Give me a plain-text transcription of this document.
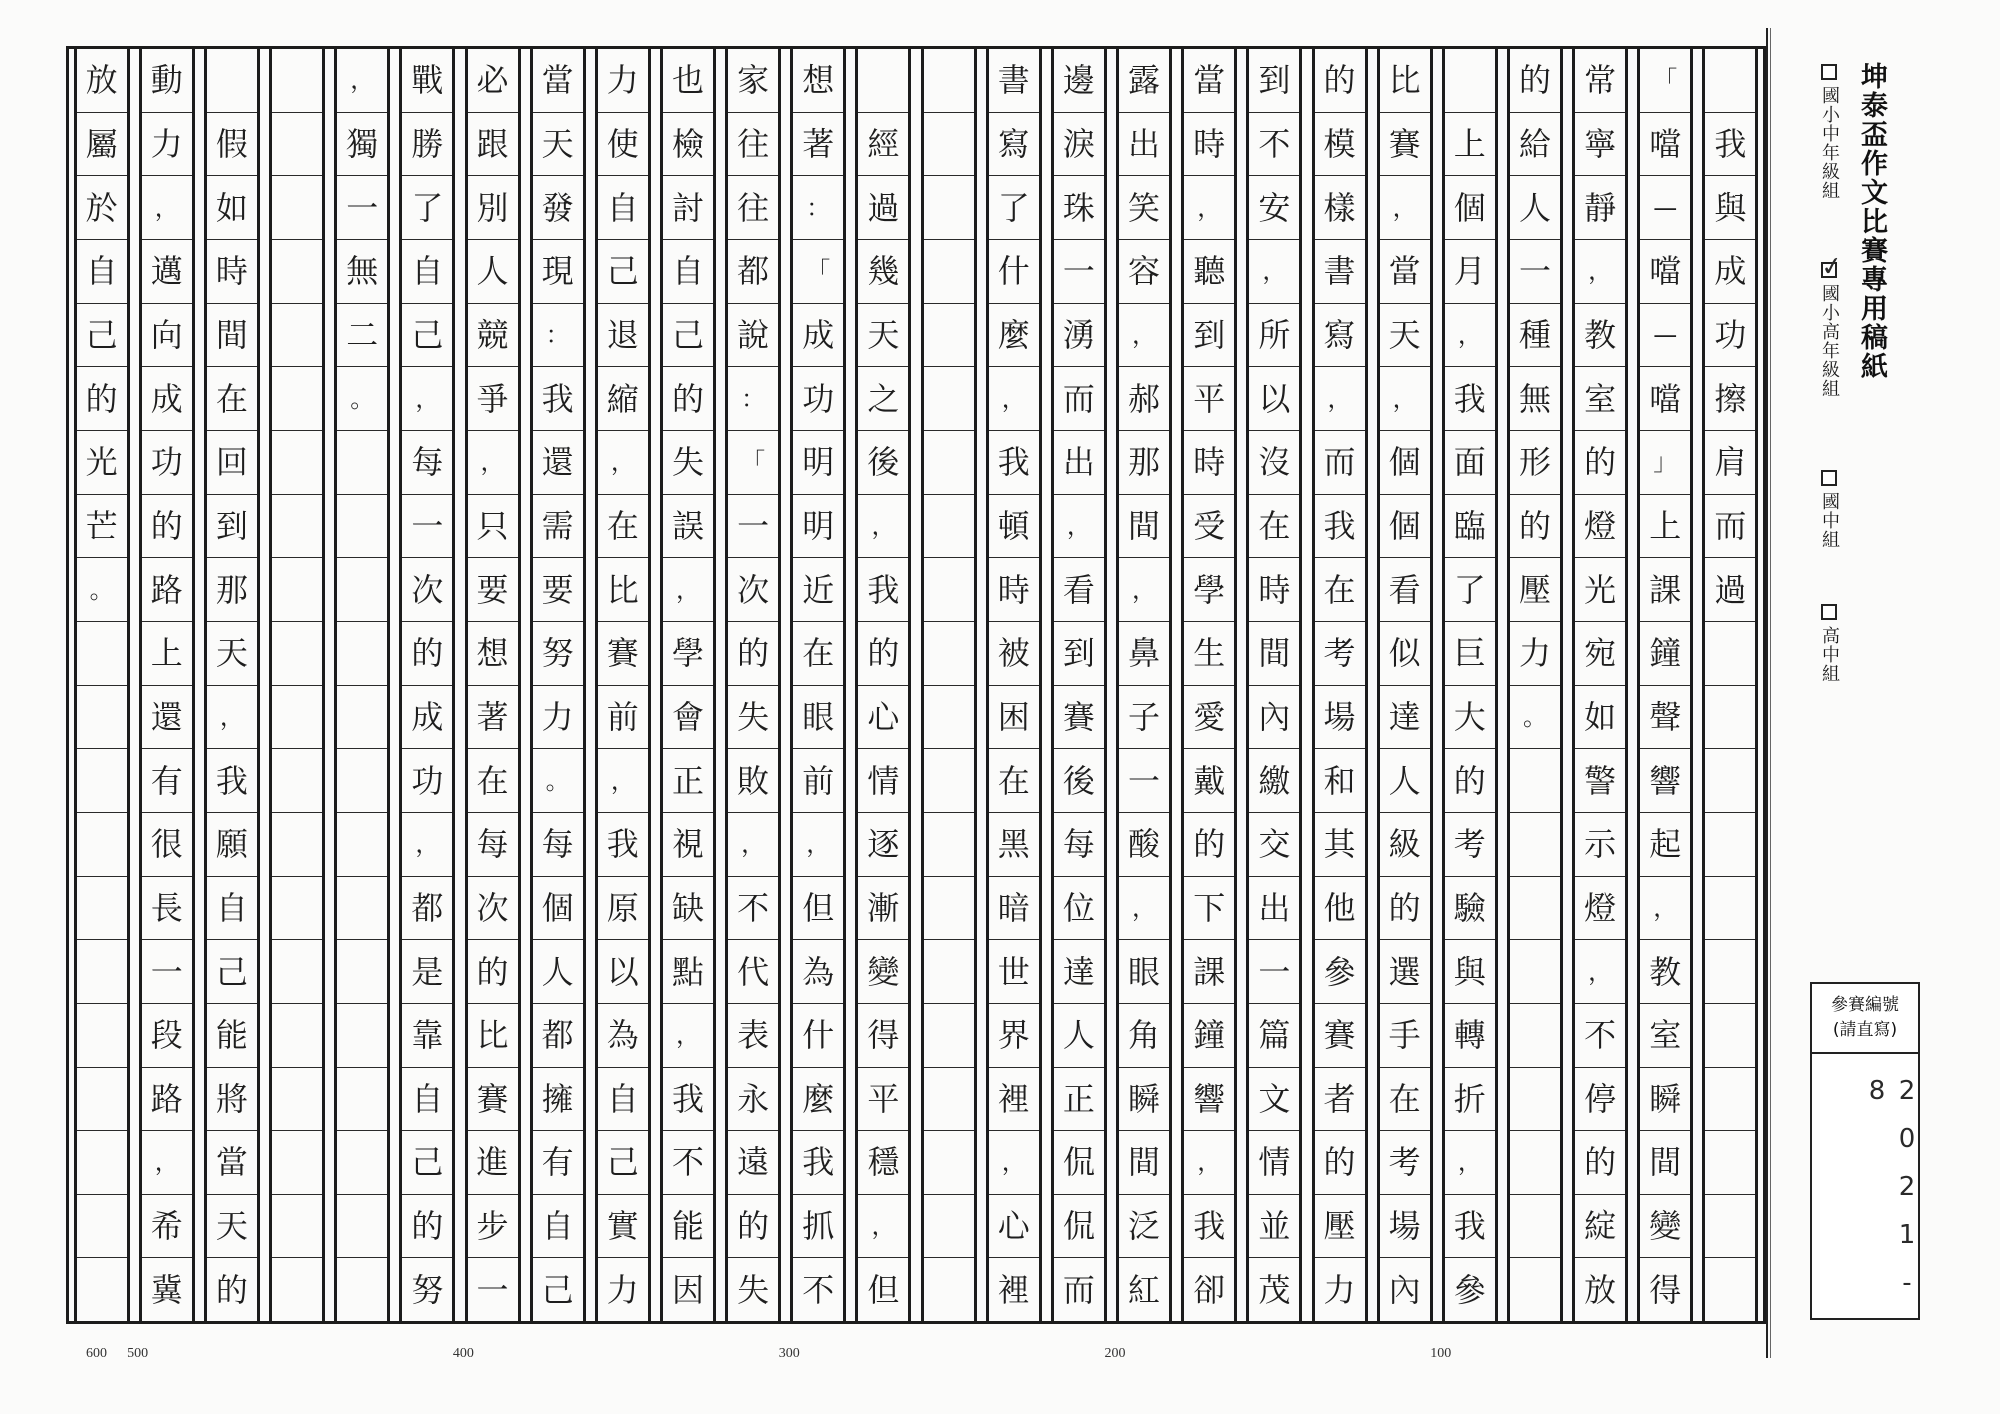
我
與
成
功
擦
肩
而
過
「
噹
—
噹
—
噹
」
上
課
鐘
聲
響
起
，
教
室
瞬
間
變
得
常
寧
靜
，
教
室
的
燈
光
宛
如
警
示
燈
，
不
停
的
綻
放
的
給
人
一
種
無
形
的
壓
力
。
上
個
月
，
我
面
臨
了
巨
大
的
考
驗
與
轉
折
，
我
參
比
賽
，
當
天
，
個
個
看
似
達
人
級
的
選
手
在
考
場
內
的
模
樣
書
寫
，
而
我
在
考
場
和
其
他
參
賽
者
的
壓
力
到
不
安
，
所
以
沒
在
時
間
內
繳
交
出
一
篇
文
情
並
茂
當
時
，
聽
到
平
時
受
學
生
愛
戴
的
下
課
鐘
響
，
我
卻
露
出
笑
容
，
郝
那
間
，
鼻
子
一
酸
，
眼
角
瞬
間
泛
紅
邊
淚
珠
一
湧
而
出
，
看
到
賽
後
每
位
達
人
正
侃
侃
而
書
寫
了
什
麼
，
我
頓
時
被
困
在
黑
暗
世
界
裡
，
心
裡
經
過
幾
天
之
後
，
我
的
心
情
逐
漸
變
得
平
穩
，
但
想
著
：
「
成
功
明
明
近
在
眼
前
，
但
為
什
麼
我
抓
不
家
往
往
都
說
：
「
一
次
的
失
敗
，
不
代
表
永
遠
的
失
也
檢
討
自
己
的
失
誤
，
學
會
正
視
缺
點
，
我
不
能
因
力
使
自
己
退
縮
，
在
比
賽
前
，
我
原
以
為
自
己
實
力
當
天
發
現
：
我
還
需
要
努
力
。
每
個
人
都
擁
有
自
己
必
跟
別
人
競
爭
，
只
要
想
著
在
每
次
的
比
賽
進
步
一
戰
勝
了
自
己
，
每
一
次
的
成
功
，
都
是
靠
自
己
的
努
，
獨
一
無
二
。
假
如
時
間
在
回
到
那
天
，
我
願
自
己
能
將
當
天
的
動
力
，
邁
向
成
功
的
路
上
還
有
很
長
一
段
路
，
希
冀
放
屬
於
自
己
的
光
芒
。
600 500	400	300	200	100
坤泰盃作文比賽專用稿紙
國小中年級組
✓
國小高年級組
國中組
高中組
參賽編號
(請直寫)
2021-8
